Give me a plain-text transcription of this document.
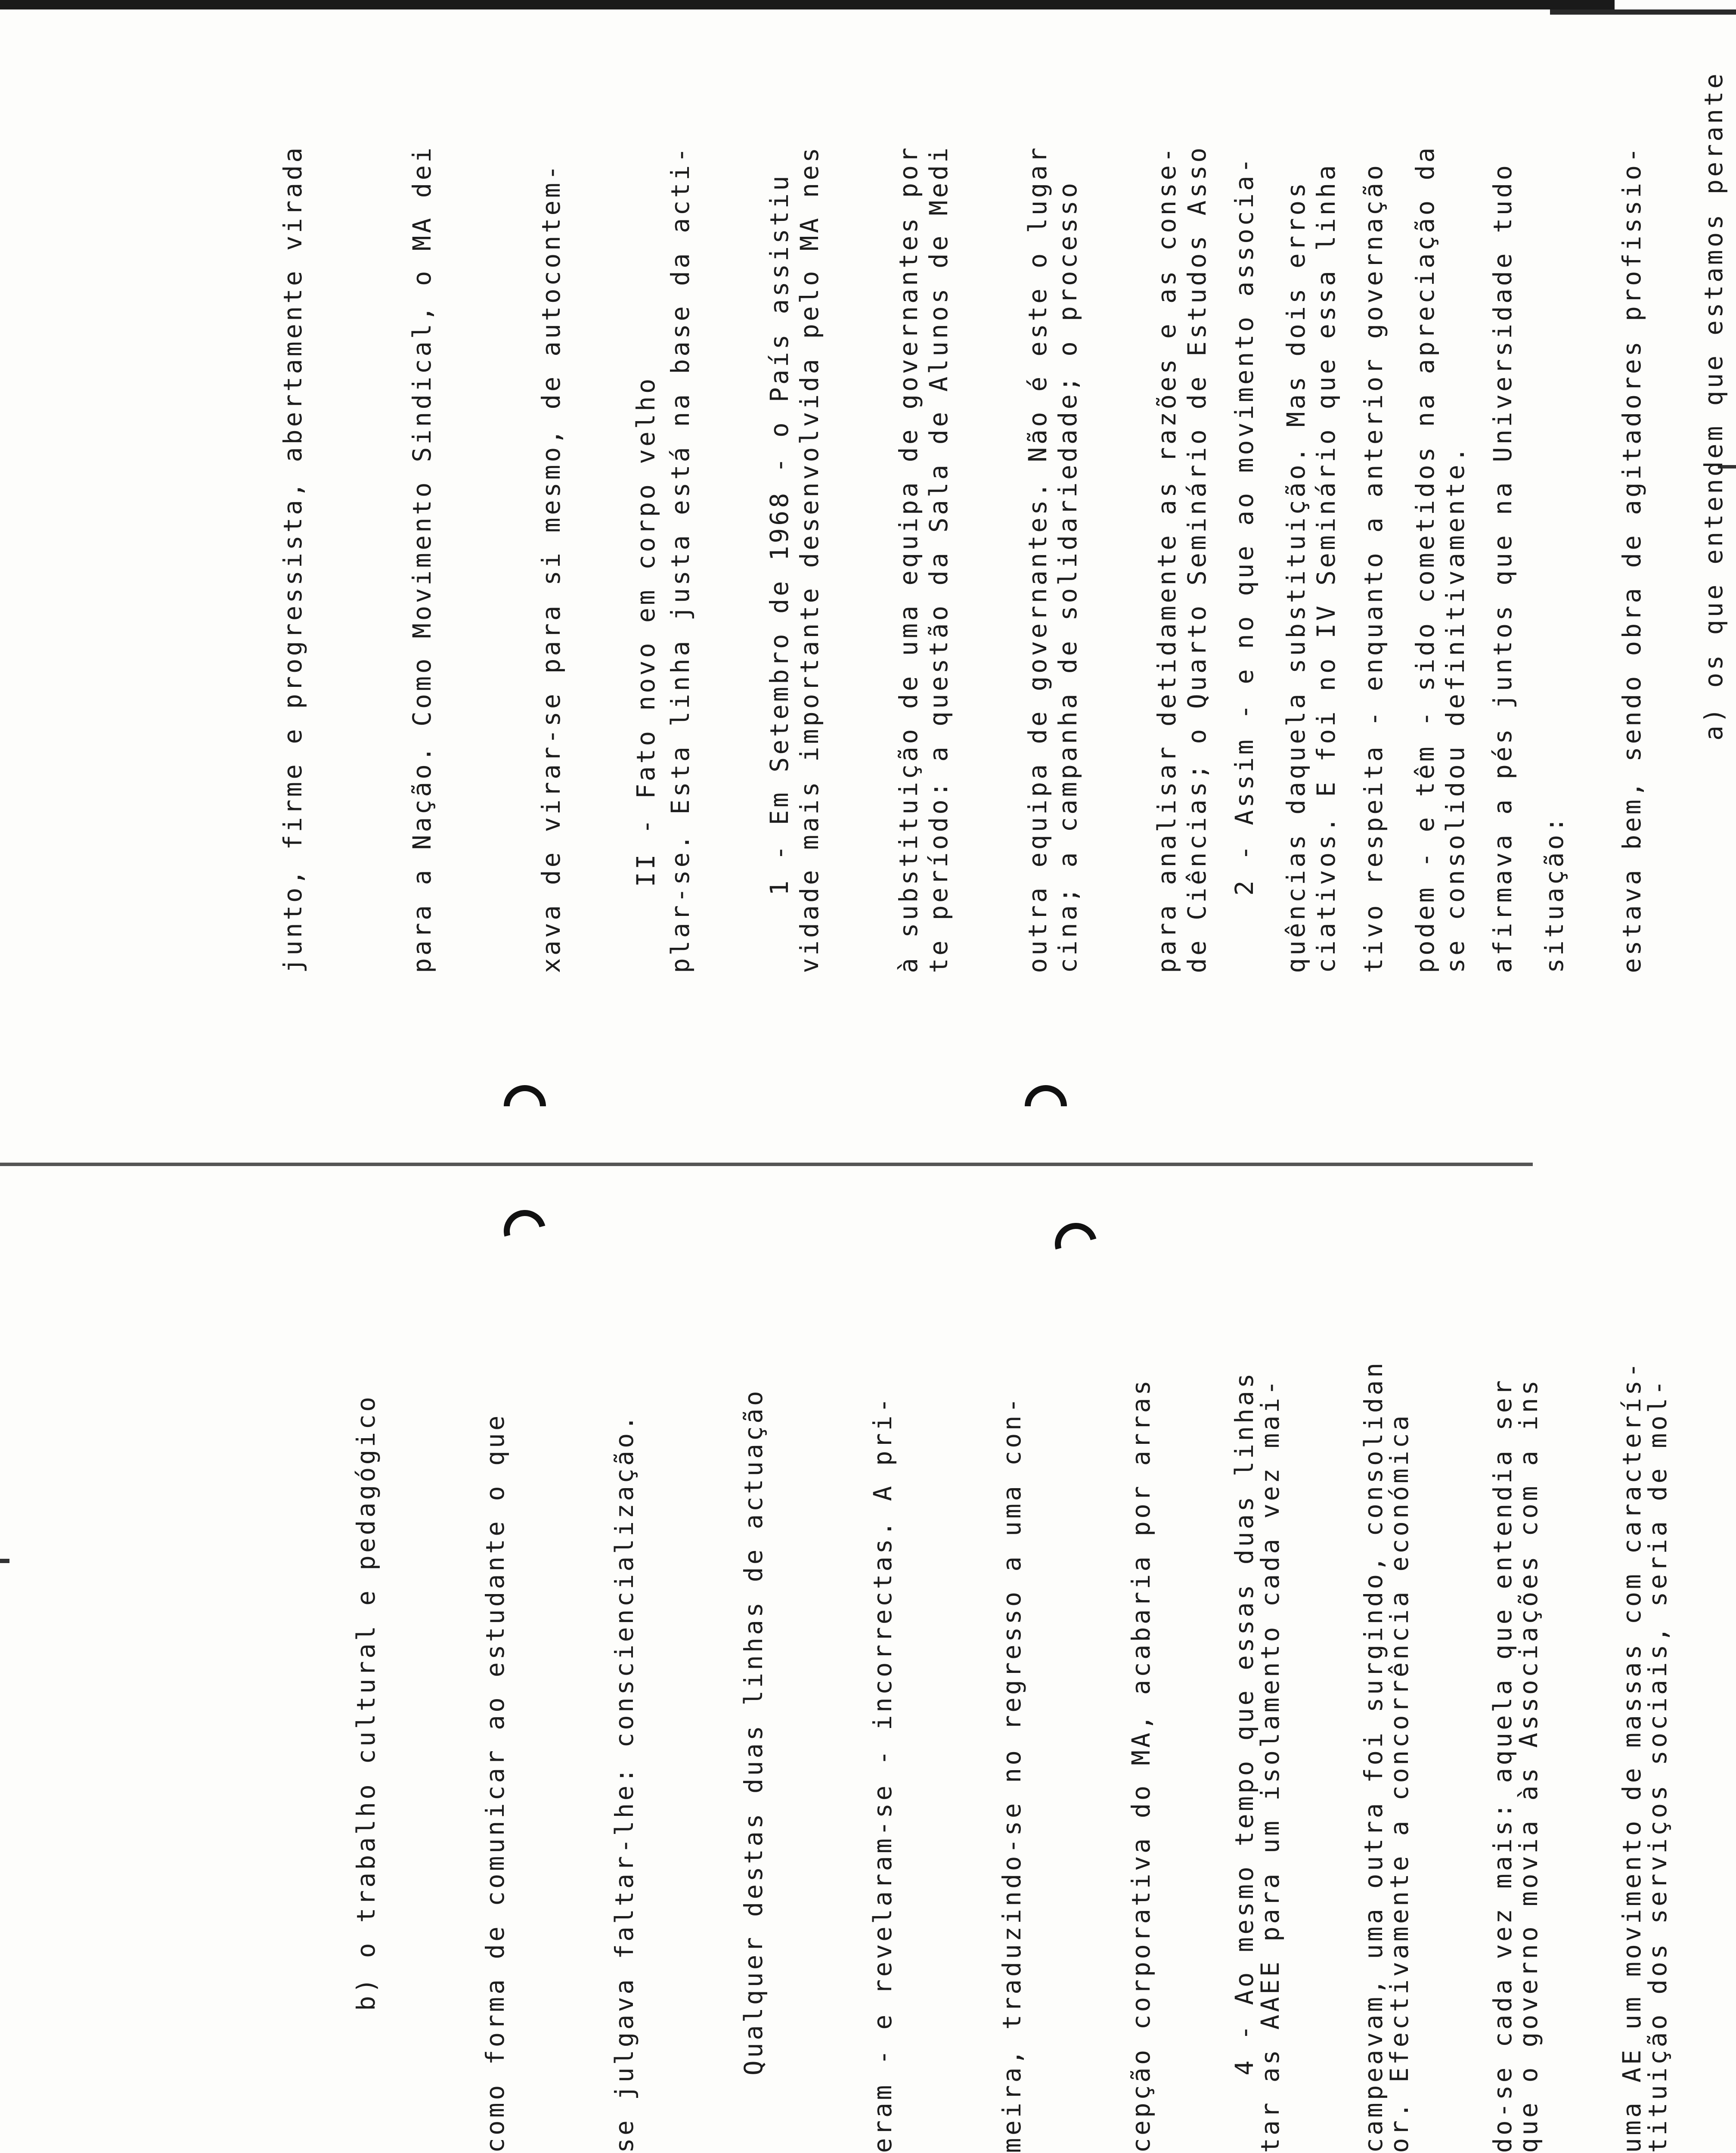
b) o trabalho cultural e pedagógico

	como forma de comunicar ao estudante o que

	se julgava faltar-lhe: consciencialização.

	Qualquer destas duas linhas de actuação

	eram - e revelaram-se - incorrectas. A pri-

	meira, traduzindo-se no regresso a uma con-

	cepção corporativa do MA, acabaria por arras

	tar as AAEE para um isolamento cada vez mai-

	or. Efectivamente a concorrência económica

	que o governo movia às Associações com a ins

	tituição dos serviços sociais, seria de mol-

4 - Ao mesmo tempo que essas duas linhas

	campeavam, uma outra foi surgindo, consolidan

	do-se cada vez mais: aquela que entendia ser

	uma AE um movimento de massas com caracterís-

junto, firme e progressista, abertamente virada

	para a Nação. Como Movimento Sindical, o MA dei

	xava de virar-se para si mesmo, de autocontem-

	plar-se. Esta linha justa está na base da acti-

	vidade mais importante desenvolvida pelo MA nes

	te período: a questão da Sala de Alunos de Medi

	cina; a campanha de solidariedade; o processo

	de Ciências; o Quarto Seminário de Estudos Asso

	ciativos. E foi no IV Seminário que essa linha

	se consolidou definitivamente.

II - Fato novo em corpo velho

	1 - Em Setembro de 1968 - o País assistiu

	à substituição de uma equipa de governantes por

	outra equipa de governantes. Não é este o lugar

	para analisar detidamente as razões e as conse-

	quências daquela substituição. Mas dois erros

	podem - e têm - sido cometidos na apreciação da

	situação:

a) os que entendem que estamos perante

2 - Assim - e no que ao movimento associa-

	tivo respeita - enquanto a anterior governação

	afirmava a pés juntos que na Universidade tudo

	estava bem, sendo obra de agitadores profissio-
